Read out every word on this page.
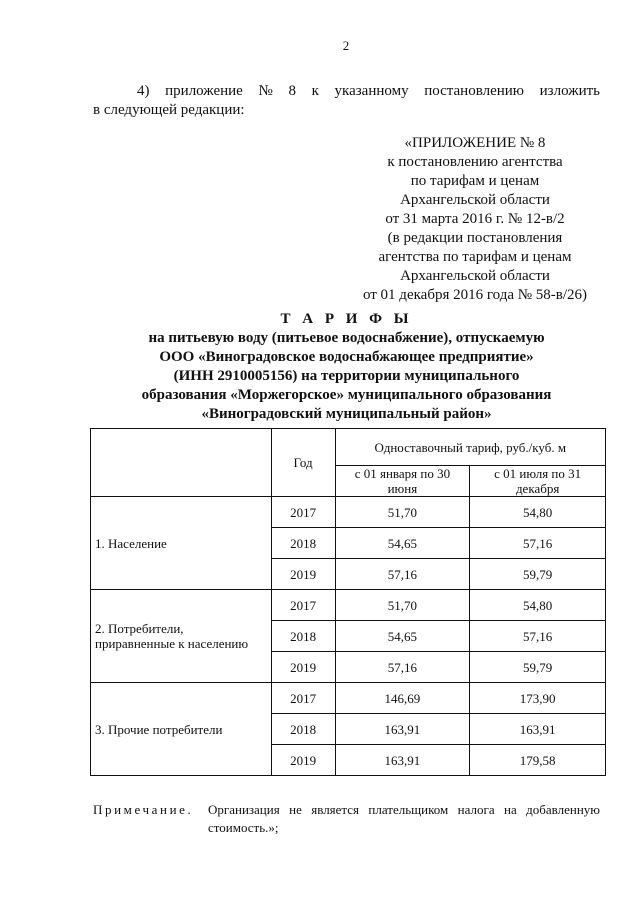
2
4) приложение № 8 к указанному постановлению изложить
в следующей редакции:
«ПРИЛОЖЕНИЕ № 8
к постановлению агентства
по тарифам и ценам
Архангельской области
от 31 марта 2016 г. № 12-в/2
(в редакции постановления
агентства по тарифам и ценам
Архангельской области
от 01 декабря 2016 года № 58-в/26)
Т А Р И Ф Ы
на питьевую воду (питьевое водоснабжение), отпускаемую
ООО «Виноградовское водоснабжающее предприятие»
(ИНН 2910005156) на территории муниципального
образования «Моржегорское» муниципального образования
«Виноградовский муниципальный район»
	Год	Одноставочный тариф, руб./куб. м	
		с 01 января по 30 июня	с 01 июля по 31 декабря
1. Население	2017	51,70	54,80
	2018	54,65	57,16
	2019	57,16	59,79
2. Потребители, приравненные к населению	2017	51,70	54,80
	2018	54,65	57,16
	2019	57,16	59,79
3. Прочие потребители	2017	146,69	173,90
	2018	163,91	163,91
	2019	163,91	179,58
Примечание. Организация не является плательщиком налога на добавленную стоимость.»;
